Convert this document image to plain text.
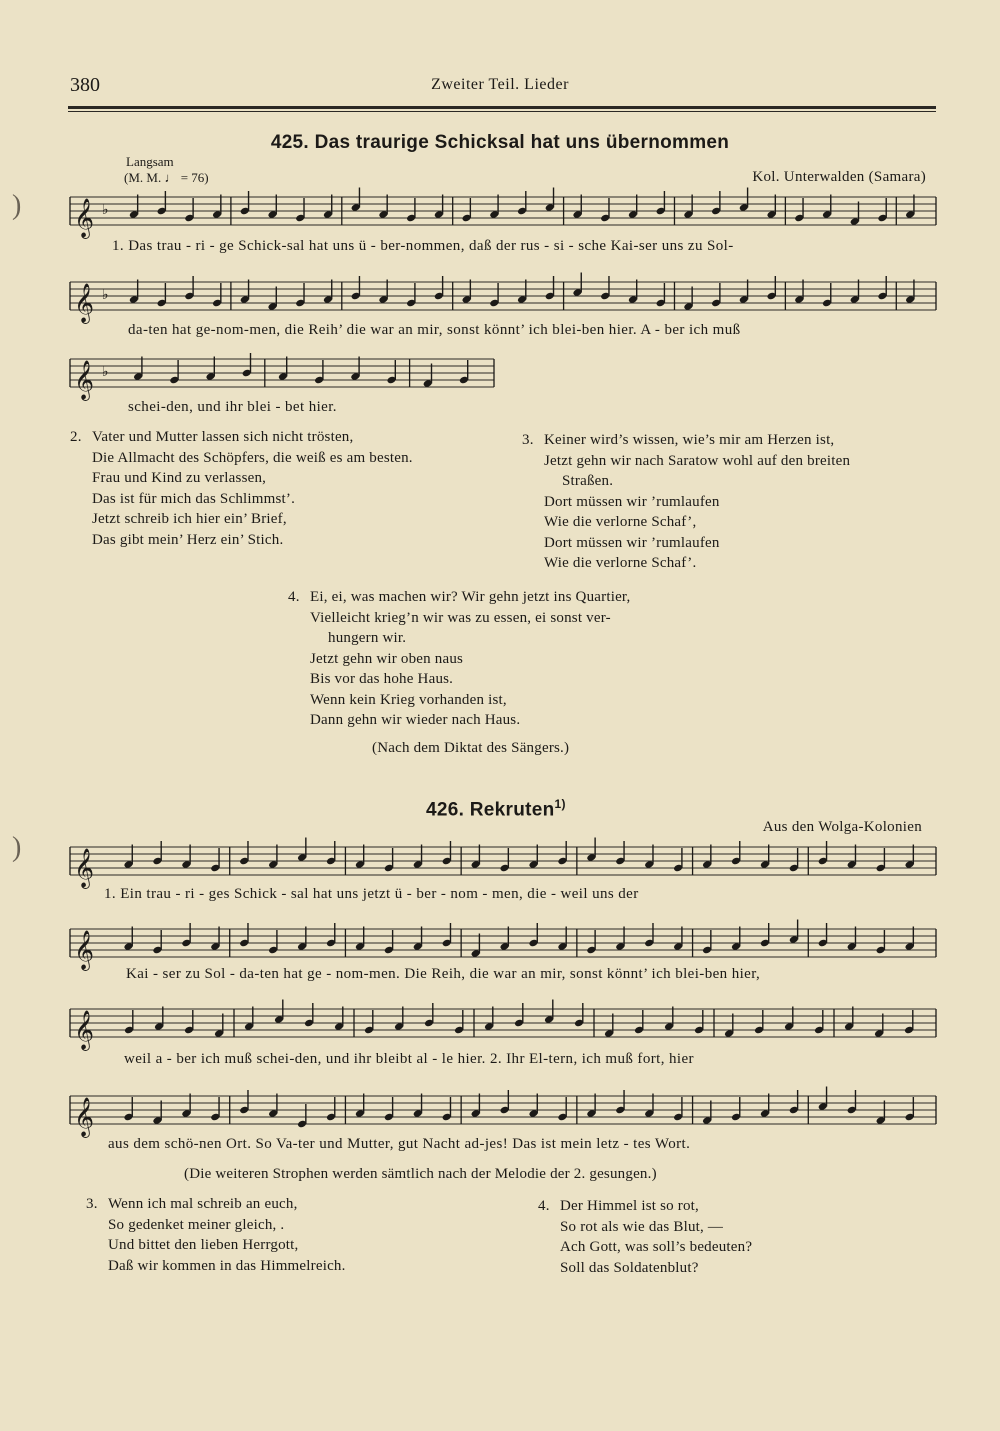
380	Zweiter Teil. Lieder
)
)
425. Das traurige Schicksal hat uns übernommen
Langsam
(M. M. ♩ = 76)	Kol. Unterwalden (Samara)
𝄞 ♭
1. Das trau - ri - ge Schick-sal hat uns ü - ber-nommen, daß der rus - si - sche Kai-ser uns zu Sol-
𝄞 ♭
da-ten hat ge-nom-men, die Reih’ die war an mir, sonst könnt’ ich blei-ben hier. A - ber ich muß
𝄞 ♭
schei-den, und ihr blei - bet hier.
2. Vater und Mutter lassen sich nicht trösten,
Die Allmacht des Schöpfers, die weiß es am besten.
Frau und Kind zu verlassen,
Das ist für mich das Schlimmst’.
Jetzt schreib ich hier ein’ Brief,
Das gibt mein’ Herz ein’ Stich.
3. Keiner wird’s wissen, wie’s mir am Herzen ist,
Jetzt gehn wir nach Saratow wohl auf den breiten
Straßen.
Dort müssen wir ’rumlaufen
Wie die verlorne Schaf’,
Dort müssen wir ’rumlaufen
Wie die verlorne Schaf’.
4. Ei, ei, was machen wir? Wir gehn jetzt ins Quartier,
Vielleicht krieg’n wir was zu essen, ei sonst ver-
hungern wir.
Jetzt gehn wir oben naus
Bis vor das hohe Haus.
Wenn kein Krieg vorhanden ist,
Dann gehn wir wieder nach Haus.
(Nach dem Diktat des Sängers.)
426. Rekruten$^{1)}$
Aus den Wolga-Kolonien
𝄞
1. Ein trau - ri - ges Schick - sal hat uns jetzt ü - ber - nom - men, die - weil uns der
𝄞
Kai - ser zu Sol - da-ten hat ge - nom-men. Die Reih, die war an mir, sonst könnt’ ich blei-ben hier,
𝄞
weil a - ber ich muß schei-den, und ihr bleibt al - le hier. 2. Ihr El-tern, ich muß fort, hier
𝄞
aus dem schö-nen Ort. So Va-ter und Mutter, gut Nacht ad-jes! Das ist mein letz - tes Wort.
(Die weiteren Strophen werden sämtlich nach der Melodie der 2. gesungen.)
3. Wenn ich mal schreib an euch,
So gedenket meiner gleich, .
Und bittet den lieben Herrgott,
Daß wir kommen in das Himmelreich.
4. Der Himmel ist so rot,
So rot als wie das Blut, —
Ach Gott, was soll’s bedeuten?
Soll das Soldatenblut?
